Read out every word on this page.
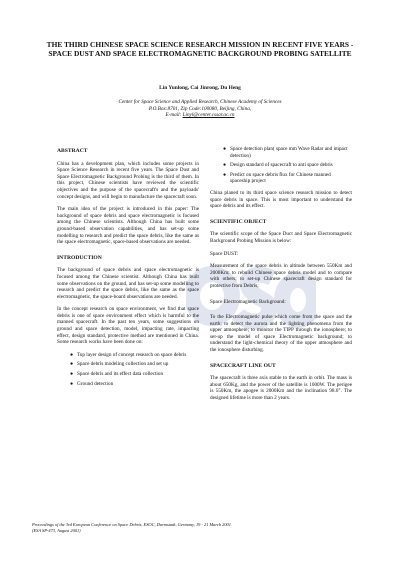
THE THIRD CHINESE SPACE SCIENCE RESEARCH MISSION IN RECENT FIVE YEARS - SPACE DUST AND SPACE ELECTROMAGNETIC BACKGROUND PROBING SATELLITE
Lin Yunlong, Cai Jinrong, Du Heng
Center for Space Science and Applied Research, Chinese Academy of Sciences
P.O.Box:8701, Zip Code:100080, Beijing, China,
E-mail: Linyl@center.cssar.ac.cn
ABSTRACT

China has a development plan, which includes some projects in Space Science Research in recent five years. The Space Dust and Space Electromagnetic Background Probing is the third of them. In this project, Chinese scientists have reviewed the scientific objectives and the purpose of the spacecraft's and the payloads' concept designs, and will begin to manufacture the spacecraft soon.

The main idea of the project is introduced in this paper: The background of space debris and space electromagnetic is focused among the Chinese scientists. Although China has built some ground-based observation capabilities, and has set-up some modelling to research and predict the space debris, like the same as the space electromagnetic, space-based observations are needed.

INTRODUCTION

The background of space debris and space electromagnetic is focused among the Chinese scientist. Although China has built some observations on the ground, and has set-up some modelling to research and predict the space debris, like the same as the space electromagnetic, the space-board observations are needed.

In the concept research on space environment, we find that space debris is one of space environment effect which is harmful to the manned spacecraft. In the past ten years, some suggestions on ground and space detection, model, impacting rate, impacting effect, design standard, protective method are mentioned in China. Some research works have been done on:

● Top layer design of concept research on space debris
● Space debris modeling collection and set up
● Space debris and its effect data collection
● Ground detection
● Space detection plan( space mm Wave Radar and impact detection)
● Design standard of spacecraft to anti space debris
● Predict on space debris flux for Chinese manned spaceship project

China planed to its third space science research mission to detect space debris in space. This is most important to understand the space debris and its effect.

SCIENTIFIC OBJECT

The scientific scope of the Space Duct and Space Electromagnetic Background Probing Mission is below:

Space DUST:

Measurement of the space debris in altitude between 550Km and 2000Km; to rebuild Chinese space debris model and to compare with others; to set-up Chinese spacecraft design standard for protective from Debris;

Space Electromagnetic Background:

To the Electromagnetic pulse which come from the space and the earth; to detect the aurora and the lighting phenomena from the upper atmosphere; to monitor the TIPP through the ionosphere; to set-up the model of space Electromagnetic background; to understand the light-chemical theory of the upper atmosphere and the ionosphere disturbing.

SPACECRAFT LINE OUT

The spacecraft is three axis stable to the earth in orbit. The mass is about 650Kg, and the power of the satellite is 1000W. The perigee is 550Km, the apogee is 2000Km and the inclination 98.6°. The designed lifetime is more than 2 years.

Proceedings of the 3rd European Conference on Space Debris, ESOC, Darmstadt, Germany, 19 - 21 March 2001
(ESA SP-473, August 2001)
